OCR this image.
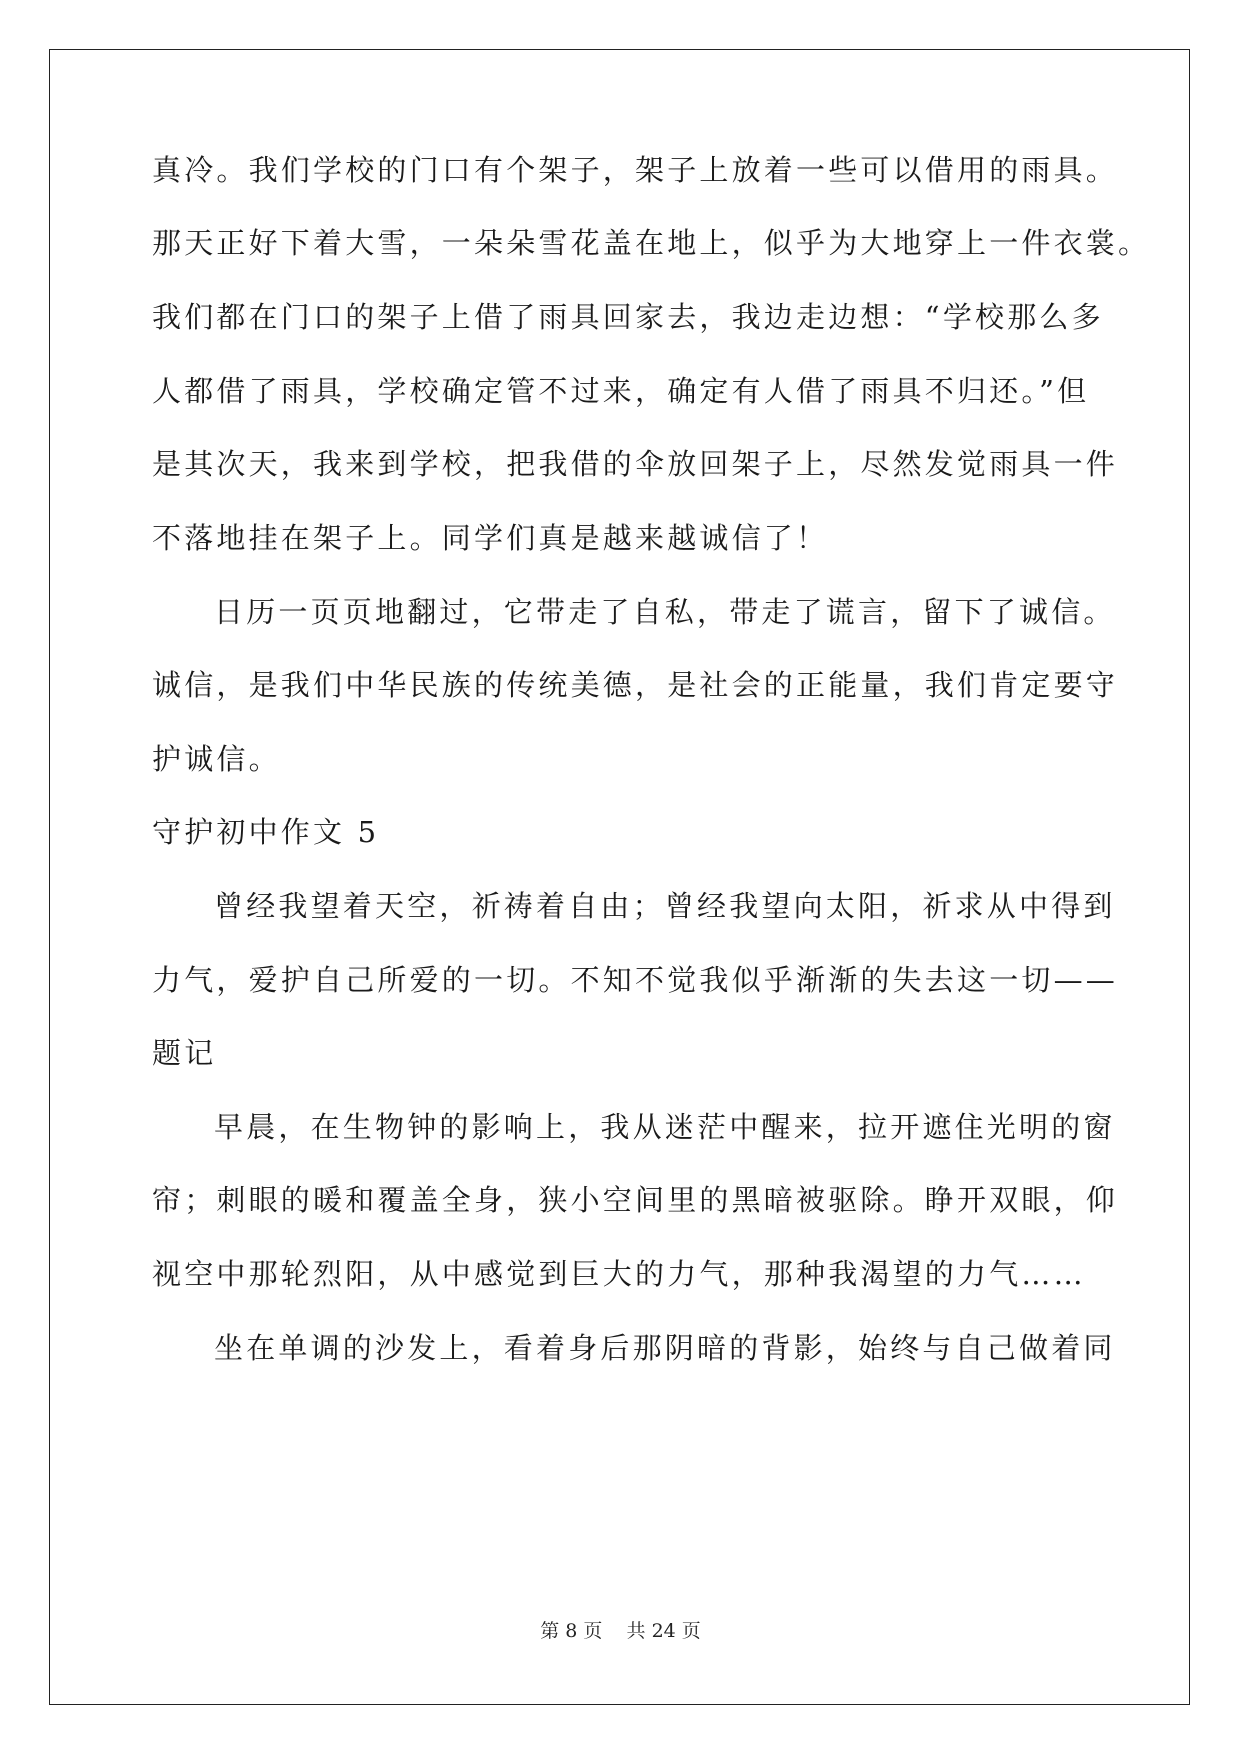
真冷。我们学校的门口有个架子，架子上放着一些可以借用的雨具。
那天正好下着大雪，一朵朵雪花盖在地上，似乎为大地穿上一件衣裳。
我们都在门口的架子上借了雨具回家去，我边走边想：“学校那么多
人都借了雨具，学校确定管不过来，确定有人借了雨具不归还。”但
是其次天，我来到学校，把我借的伞放回架子上，尽然发觉雨具一件
不落地挂在架子上。同学们真是越来越诚信了！
日历一页页地翻过，它带走了自私，带走了谎言，留下了诚信。
诚信，是我们中华民族的传统美德，是社会的正能量，我们肯定要守
护诚信。
守护初中作文 5
曾经我望着天空，祈祷着自由；曾经我望向太阳，祈求从中得到
力气，爱护自己所爱的一切。不知不觉我似乎渐渐的失去这一切——
题记
早晨，在生物钟的影响上，我从迷茫中醒来，拉开遮住光明的窗
帘；刺眼的暖和覆盖全身，狭小空间里的黑暗被驱除。睁开双眼，仰
视空中那轮烈阳，从中感觉到巨大的力气，那种我渴望的力气……
坐在单调的沙发上，看着身后那阴暗的背影，始终与自己做着同
第 8 页    共 24 页
